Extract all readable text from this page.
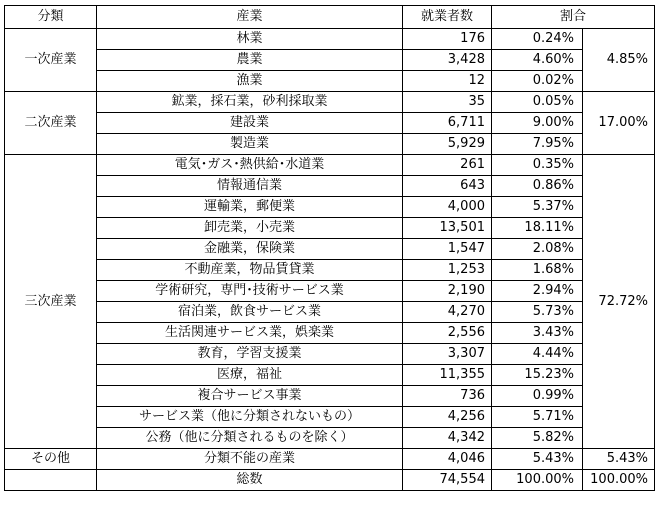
分類	産業	就業者数	割合	
一次産業	林業	176	0.24%	4.85%
	農業	3,428	4.60%	
	漁業	12	0.02%	
二次産業	鉱業，採石業，砂利採取業	35	0.05%	17.00%
	建設業	6,711	9.00%	
	製造業	5,929	7.95%	
三次産業	電気･ガス･熱供給･水道業	261	0.35%	72.72%
	情報通信業	643	0.86%	
	運輸業，郵便業	4,000	5.37%	
	卸売業，小売業	13,501	18.11%	
	金融業，保険業	1,547	2.08%	
	不動産業，物品賃貸業	1,253	1.68%	
	学術研究，専門･技術サービス業	2,190	2.94%	
	宿泊業，飲食サービス業	4,270	5.73%	
	生活関連サービス業，娯楽業	2,556	3.43%	
	教育，学習支援業	3,307	4.44%	
	医療，福祉	11,355	15.23%	
	複合サービス事業	736	0.99%	
	サービス業（他に分類されないもの）	4,256	5.71%	
	公務（他に分類されるものを除く）	4,342	5.82%	
その他	分類不能の産業	4,046	5.43%	5.43%
	総数	74,554	100.00%	100.00%
